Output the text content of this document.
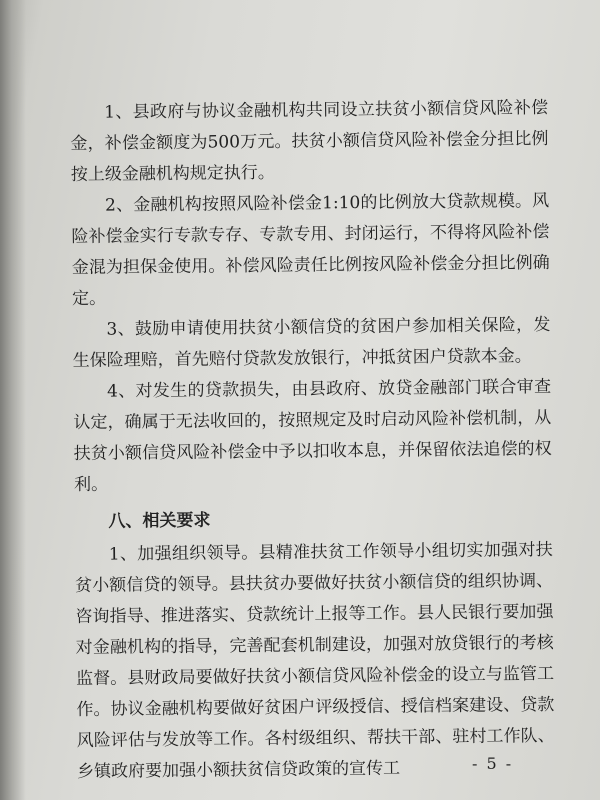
1、县政府与协议金融机构共同设立扶贫小额信贷风险补偿金，补偿金额度为500万元。扶贫小额信贷风险补偿金分担比例按上级金融机构规定执行。

2、金融机构按照风险补偿金1:10的比例放大贷款规模。风险补偿金实行专款专存、专款专用、封闭运行，不得将风险补偿金混为担保金使用。补偿风险责任比例按风险补偿金分担比例确定。

3、鼓励申请使用扶贫小额信贷的贫困户参加相关保险，发生保险理赔，首先赔付贷款发放银行，冲抵贫困户贷款本金。

4、对发生的贷款损失，由县政府、放贷金融部门联合审查认定，确属于无法收回的，按照规定及时启动风险补偿机制，从扶贫小额信贷风险补偿金中予以扣收本息，并保留依法追偿的权利。

八、相关要求

1、加强组织领导。县精准扶贫工作领导小组切实加强对扶贫小额信贷的领导。县扶贫办要做好扶贫小额信贷的组织协调、咨询指导、推进落实、贷款统计上报等工作。县人民银行要加强对金融机构的指导，完善配套机制建设，加强对放贷银行的考核监督。县财政局要做好扶贫小额信贷风险补偿金的设立与监管工作。协议金融机构要做好贫困户评级授信、授信档案建设、贷款风险评估与发放等工作。各村级组织、帮扶干部、驻村工作队、乡镇政府要加强小额扶贫信贷政策的宣传工	- 5 -
